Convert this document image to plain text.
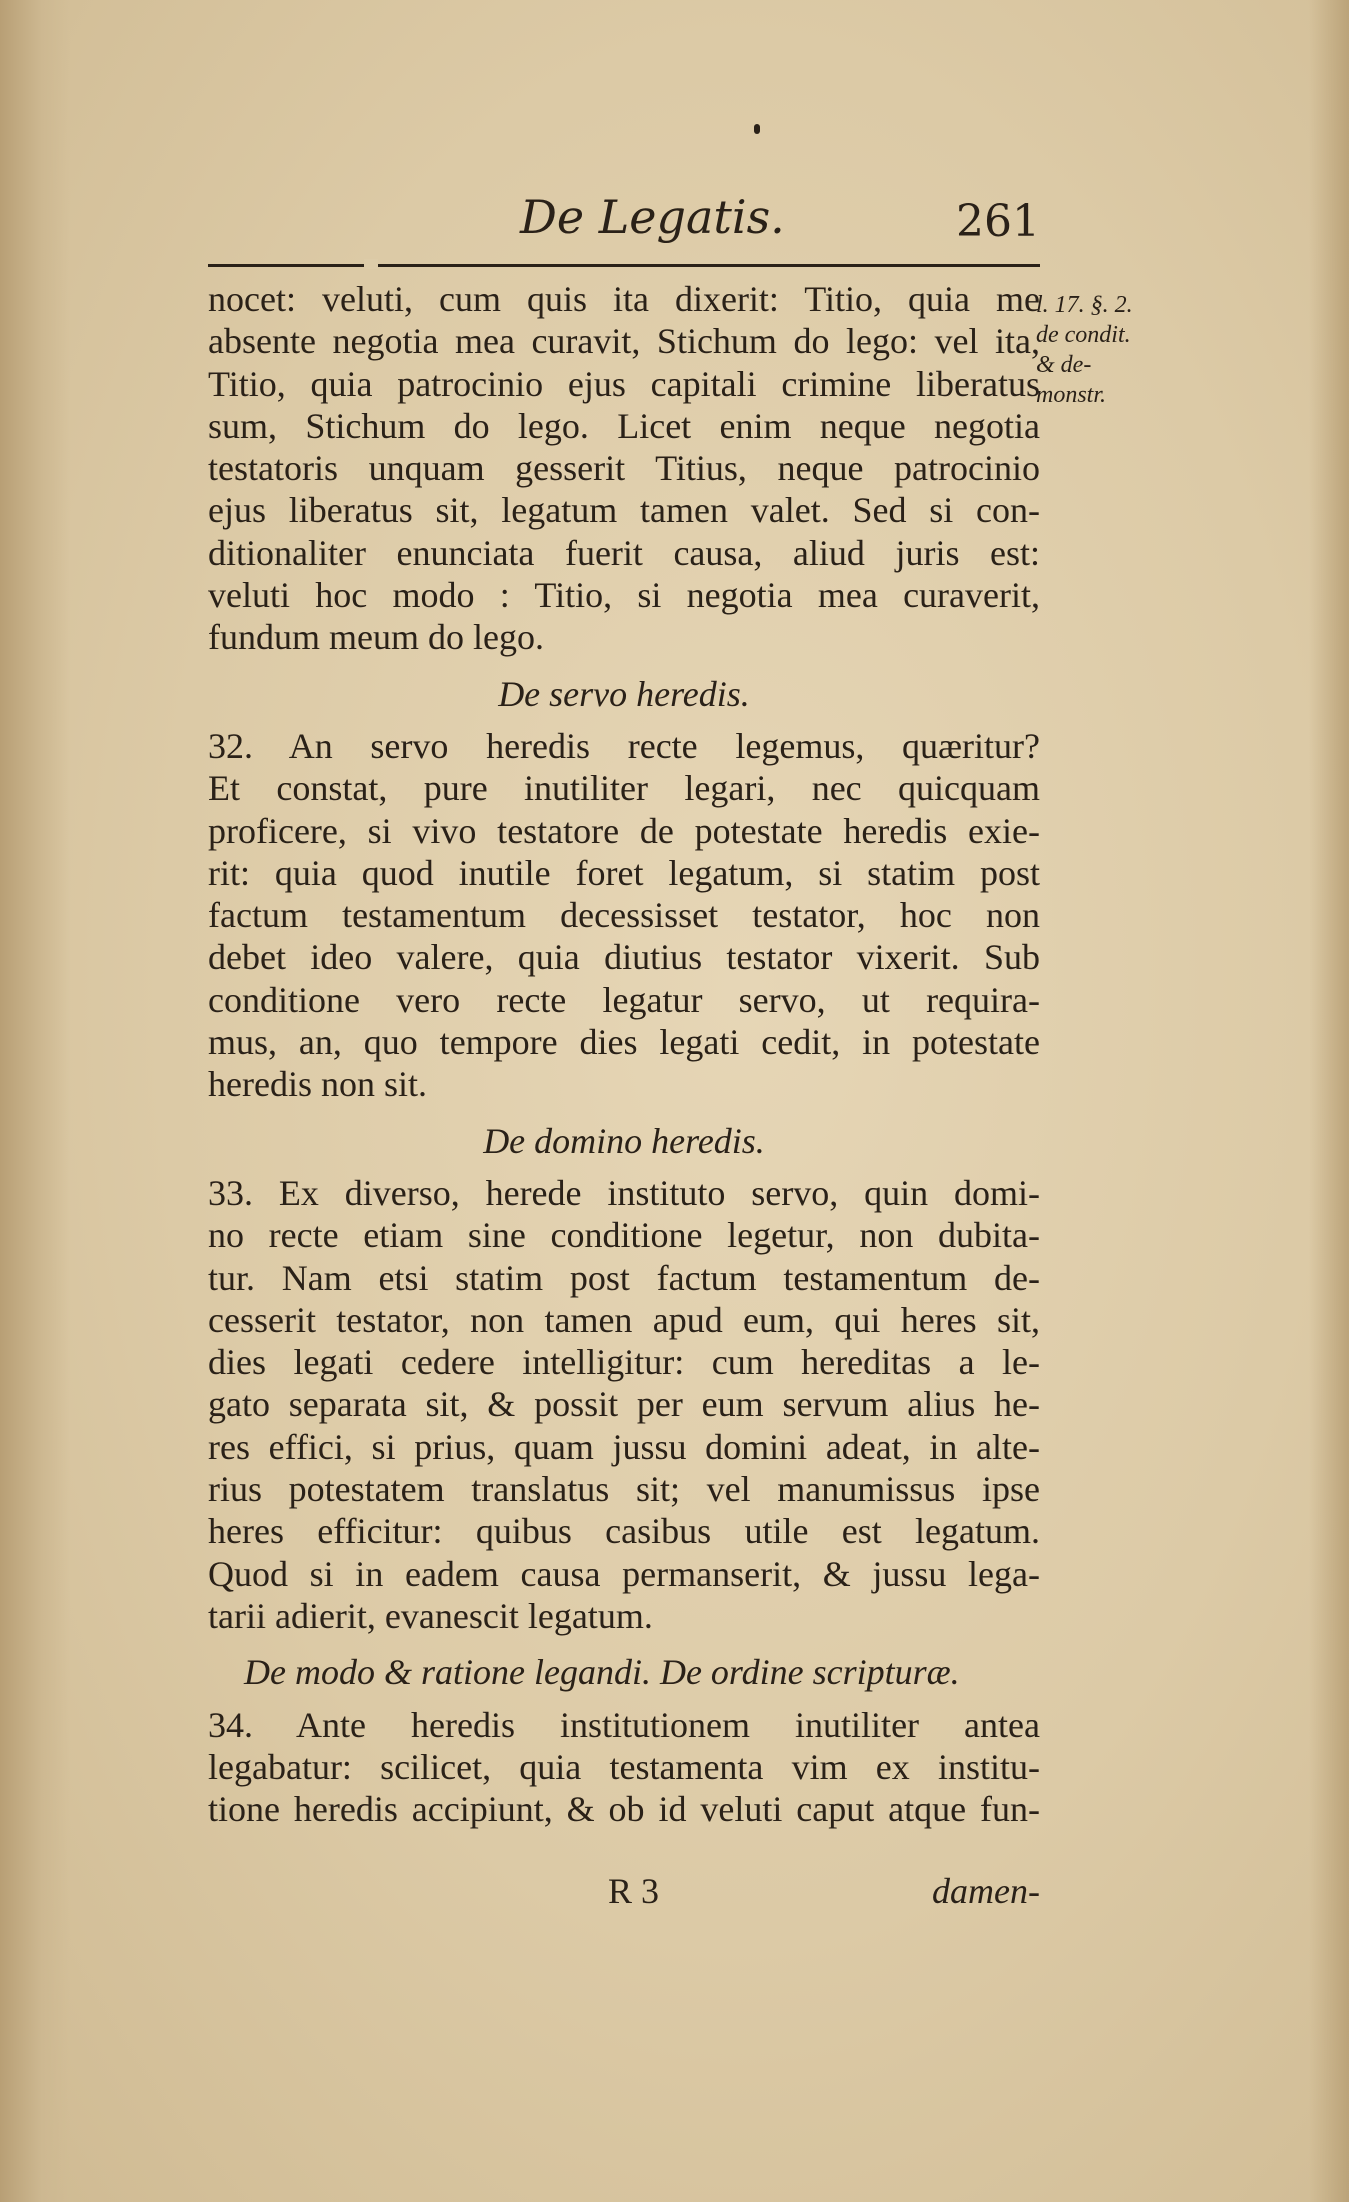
De Legatis.	261
l. 17. §. 2.
de condit.
& de-
monstr.

nocet: veluti, cum quis ita dixerit: Titio, quia me
absente negotia mea curavit, Stichum do lego: vel ita,
Titio, quia patrocinio ejus capitali crimine liberatus
sum, Stichum do lego. Licet enim neque negotia
testatoris unquam gesserit Titius, neque patrocinio
ejus liberatus sit, legatum tamen valet. Sed si con-
ditionaliter enunciata fuerit causa, aliud juris est:
veluti hoc modo : Titio, si negotia mea curaverit,
fundum meum do lego.

De servo heredis.

32. An servo heredis recte legemus, quæritur?
Et constat, pure inutiliter legari, nec quicquam
proficere, si vivo testatore de potestate heredis exie-
rit: quia quod inutile foret legatum, si statim post
factum testamentum decessisset testator, hoc non
debet ideo valere, quia diutius testator vixerit. Sub
conditione vero recte legatur servo, ut requira-
mus, an, quo tempore dies legati cedit, in potestate
heredis non sit.

De domino heredis.

33. Ex diverso, herede instituto servo, quin domi-
no recte etiam sine conditione legetur, non dubita-
tur. Nam etsi statim post factum testamentum de-
cesserit testator, non tamen apud eum, qui heres sit,
dies legati cedere intelligitur: cum hereditas a le-
gato separata sit, & possit per eum servum alius he-
res effici, si prius, quam jussu domini adeat, in alte-
rius potestatem translatus sit; vel manumissus ipse
heres efficitur: quibus casibus utile est legatum.
Quod si in eadem causa permanserit, & jussu lega-
tarii adierit, evanescit legatum.

De modo & ratione legandi. De ordine scripturæ.

34. Ante heredis institutionem inutiliter antea
legabatur: scilicet, quia testamenta vim ex institu-
tione heredis accipiunt, & ob id veluti caput atque fun-

R 3	damen-
